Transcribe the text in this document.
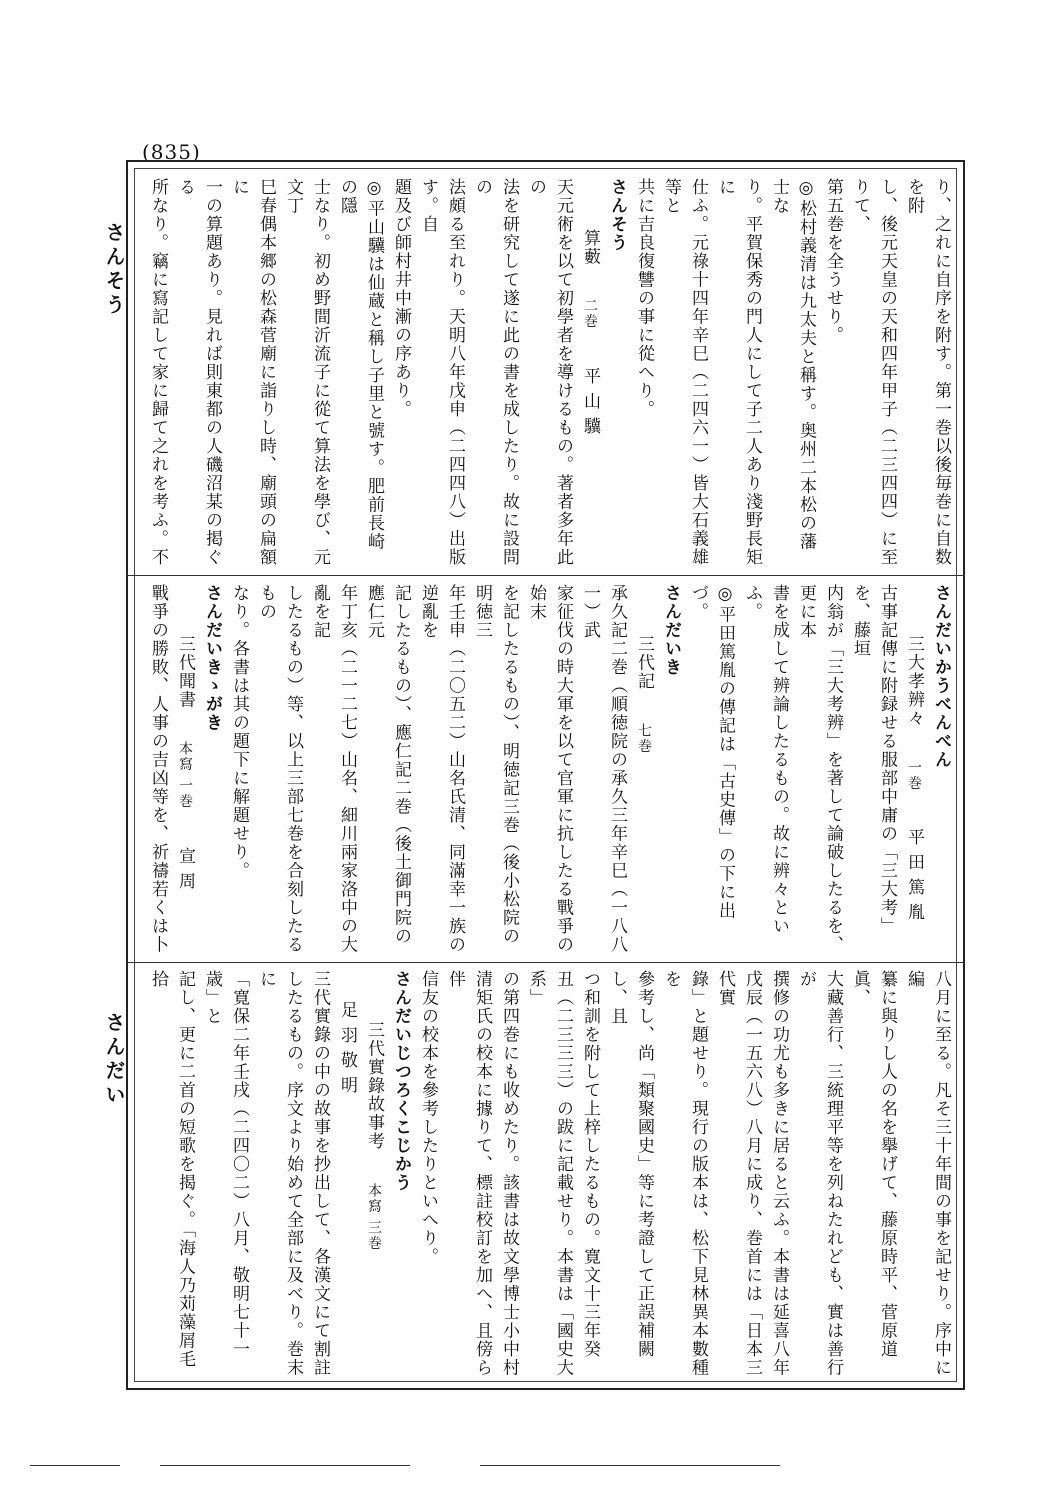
(835)
さんそう
さんだい

り、之れに自序を附す。第一巻以後毎巻に自数を附

し、後元天皇の天和四年甲子（二三四四）に至りて、

第五巻を全うせり。

◎松村義清は九太夫と稱す。奥州二本松の藩士な

り。平賀保秀の門人にして子二人あり淺野長矩に

仕ふ。元祿十四年辛巳（二四六一）皆大石義雄等と

共に吉良復讐の事に從へり。

さんそう

算藪 二巻 平山驥

天元術を以て初學者を導けるもの。著者多年此の

法を研究して遂に此の書を成したり。故に設問の

法頗る至れり。天明八年戊申（二四四八）出版す。自

題及び師村井中漸の序あり。

◎平山驥は仙蔵と稱し子里と號す。肥前長崎の隱

士なり。初め野間沂流子に從て算法を學び、元文丁

巳春偶本郷の松森菅廟に詣りし時、廟頭の扁額に

一の算題あり。見れば則東都の人磯沼某の掲ぐる

所なり。竊に寫記して家に歸て之れを考ふ。不

さんだいかうべんべん

三大孝辨々 一巻 平田篤胤

古事記傳に附録せる服部中庸の「三大考」を、藤垣

内翁が「三大考辨」を著して論破したるを、更に本

書を成して辨論したるもの。故に辨々といふ。

◎平田篤胤の傳記は「古史傳」の下に出づ。

さんだいき

三代記 七巻

承久記二巻（順徳院の承久三年辛巳（一八八一）武

家征伐の時大軍を以て官軍に抗したる戰爭の始末

を記したるもの）、明徳記三巻（後小松院の明徳三

年壬申（二〇五二）山名氏清、同滿幸一族の逆亂を

記したるもの）、應仁記二巻（後土御門院の應仁元

年丁亥（二一二七）山名、細川兩家洛中の大亂を記

したるもの）等、以上三部七巻を合刻したるもの

なり。各書は其の題下に解題せり。

さんだいきゝがき

三代聞書 本寫 一巻 宣周

戰爭の勝敗、人事の吉凶等を、祈禱若くは卜

八月に至る。凡そ三十年間の事を記せり。序中に編

纂に與りし人の名を擧げて、藤原時平、菅原道眞、

大藏善行、三統理平等を列ねたれども、實は善行が

撰修の功尤も多きに居ると云ふ。本書は延喜八年

戊辰（一五六八）八月に成り、巻首には「日本三代實

錄」と題せり。現行の版本は、松下見林異本數種を

參考し、尚「類聚國史」等に考證して正誤補闕し、且

つ和訓を附して上梓したるもの。寛文十三年癸

丑（二三三三）の跋に記載せり。本書は「國史大系」

の第四巻にも收めたり。該書は故文學博士小中村

清矩氏の校本に據りて、標註校訂を加へ、且傍ら伴

信友の校本を參考したりといへり。

さんだいじつろくこじかう

三代實錄故事考 本寫 三巻 足羽敬明

三代實錄の中の故事を抄出して、各漢文にて割註

したるもの。序文より始めて全部に及べり。巻末に

「寛保二年壬戌（二四〇二）八月、敬明七十一歳」と

記し、更に二首の短歌を揭ぐ。「海人乃苅藻屑毛拾
